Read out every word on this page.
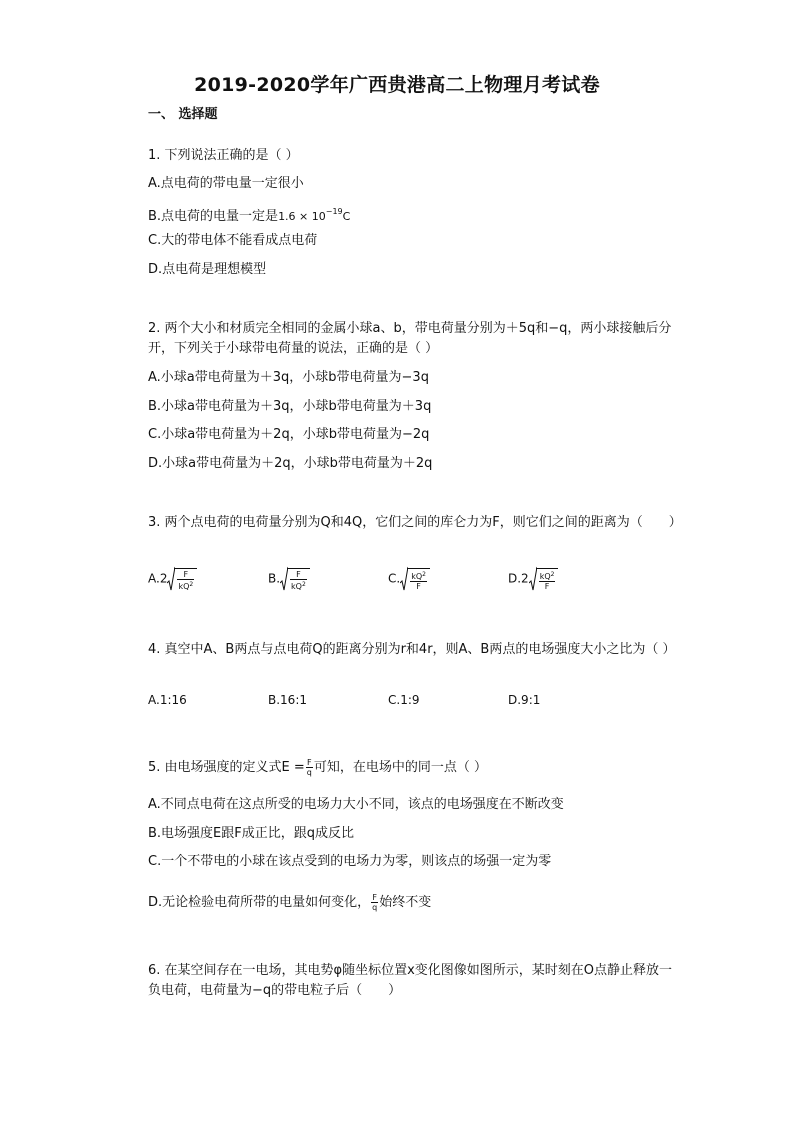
2019-2020学年广西贵港高二上物理月考试卷
一、 选择题
1. 下列说法正确的是（ ）
A.点电荷的带电量一定很小
B.点电荷的电量一定是$1.6 \times 10^{-19}C$
C.大的带电体不能看成点电荷
D.点电荷是理想模型
2. 两个大小和材质完全相同的金属小球a、b，带电荷量分别为＋5q和−q，两小球接触后分开，下列关于小球带电荷量的说法，正确的是（ ）
A.小球a带电荷量为＋3q，小球b带电荷量为−3q
B.小球a带电荷量为＋3q，小球b带电荷量为＋3q
C.小球a带电荷量为＋2q，小球b带电荷量为−2q
D.小球a带电荷量为＋2q，小球b带电荷量为＋2q
3. 两个点电荷的电荷量分别为Q和4Q，它们之间的库仑力为F，则它们之间的距离为（　　）
$A.2 \frac{F}{kQ^2}$	B. $\frac{F}{kQ^2}$	C. $\frac{kQ^2}{F}$	$D.2 \frac{kQ^2}{F}$
4. 真空中A、B两点与点电荷Q的距离分别为r和4r，则A、B两点的电场强度大小之比为（ ）
A.1:16	B.16:1	C.1:9	D.9:1
5. 由电场强度的定义式$E = \frac{F}{q}$ 可知，在电场中的同一点（ ）
A.不同点电荷在这点所受的电场力大小不同，该点的电场强度在不断改变
B.电场强度E跟F成正比，跟q成反比
C.一个不带电的小球在该点受到的电场力为零，则该点的场强一定为零
D.无论检验电荷所带的电量如何变化， $\frac{F}{q}$ 始终不变
6. 在某空间存在一电场，其电势φ随坐标位置x变化图像如图所示，某时刻在O点静止释放一负电荷，电荷量为−q的带电粒子后（　　）
